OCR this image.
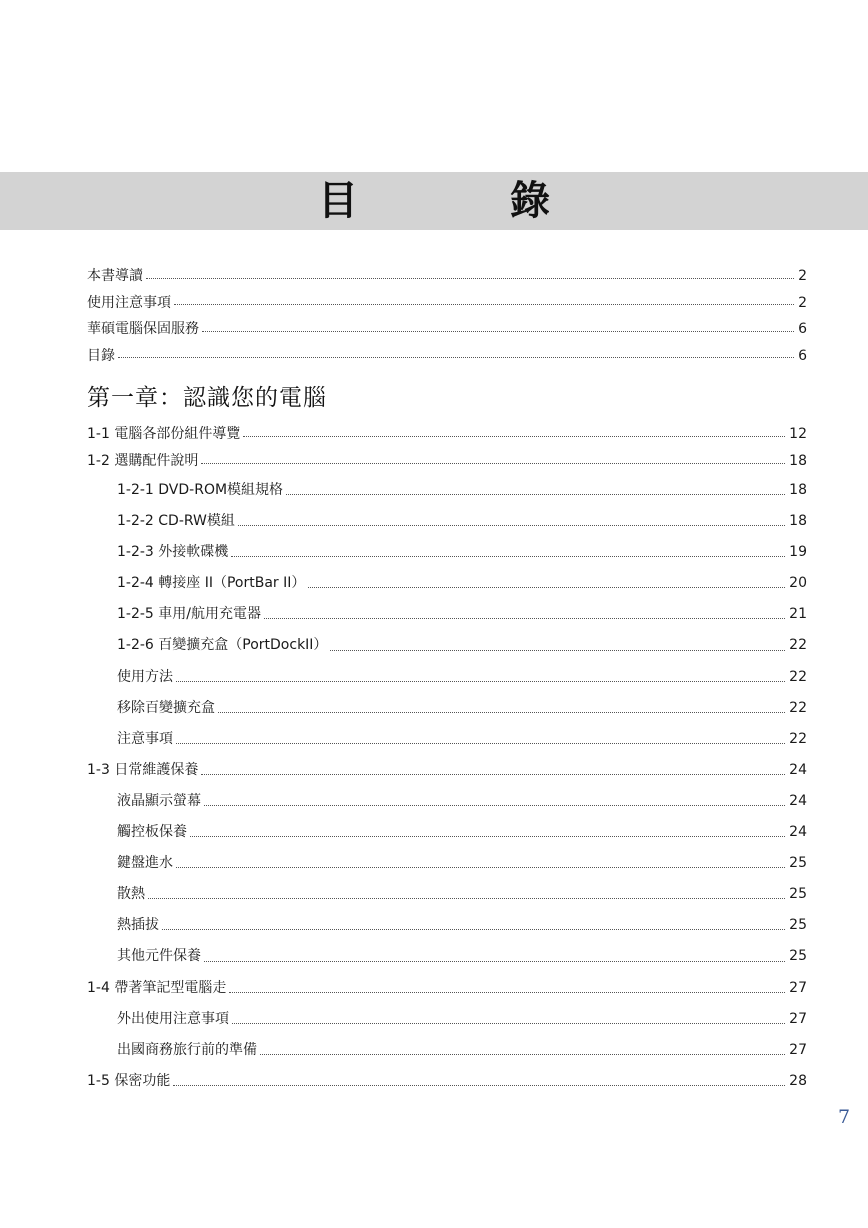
目　錄
本書導讀	2
使用注意事項	2
華碩電腦保固服務	6
目錄	6
第一章：認識您的電腦
1-1 電腦各部份組件導覽	12
1-2 選購配件說明	18
1-2-1 DVD-ROM模組規格	18
1-2-2 CD-RW模組	18
1-2-3 外接軟碟機	19
1-2-4 轉接座 II（PortBar II）	20
1-2-5 車用/航用充電器	21
1-2-6 百變擴充盒（PortDockII）	22
使用方法	22
移除百變擴充盒	22
注意事項	22
1-3 日常維護保養	24
液晶顯示螢幕	24
觸控板保養	24
鍵盤進水	25
散熱	25
熱插拔	25
其他元件保養	25
1-4 帶著筆記型電腦走	27
外出使用注意事項	27
出國商務旅行前的準備	27
1-5 保密功能	28
7
